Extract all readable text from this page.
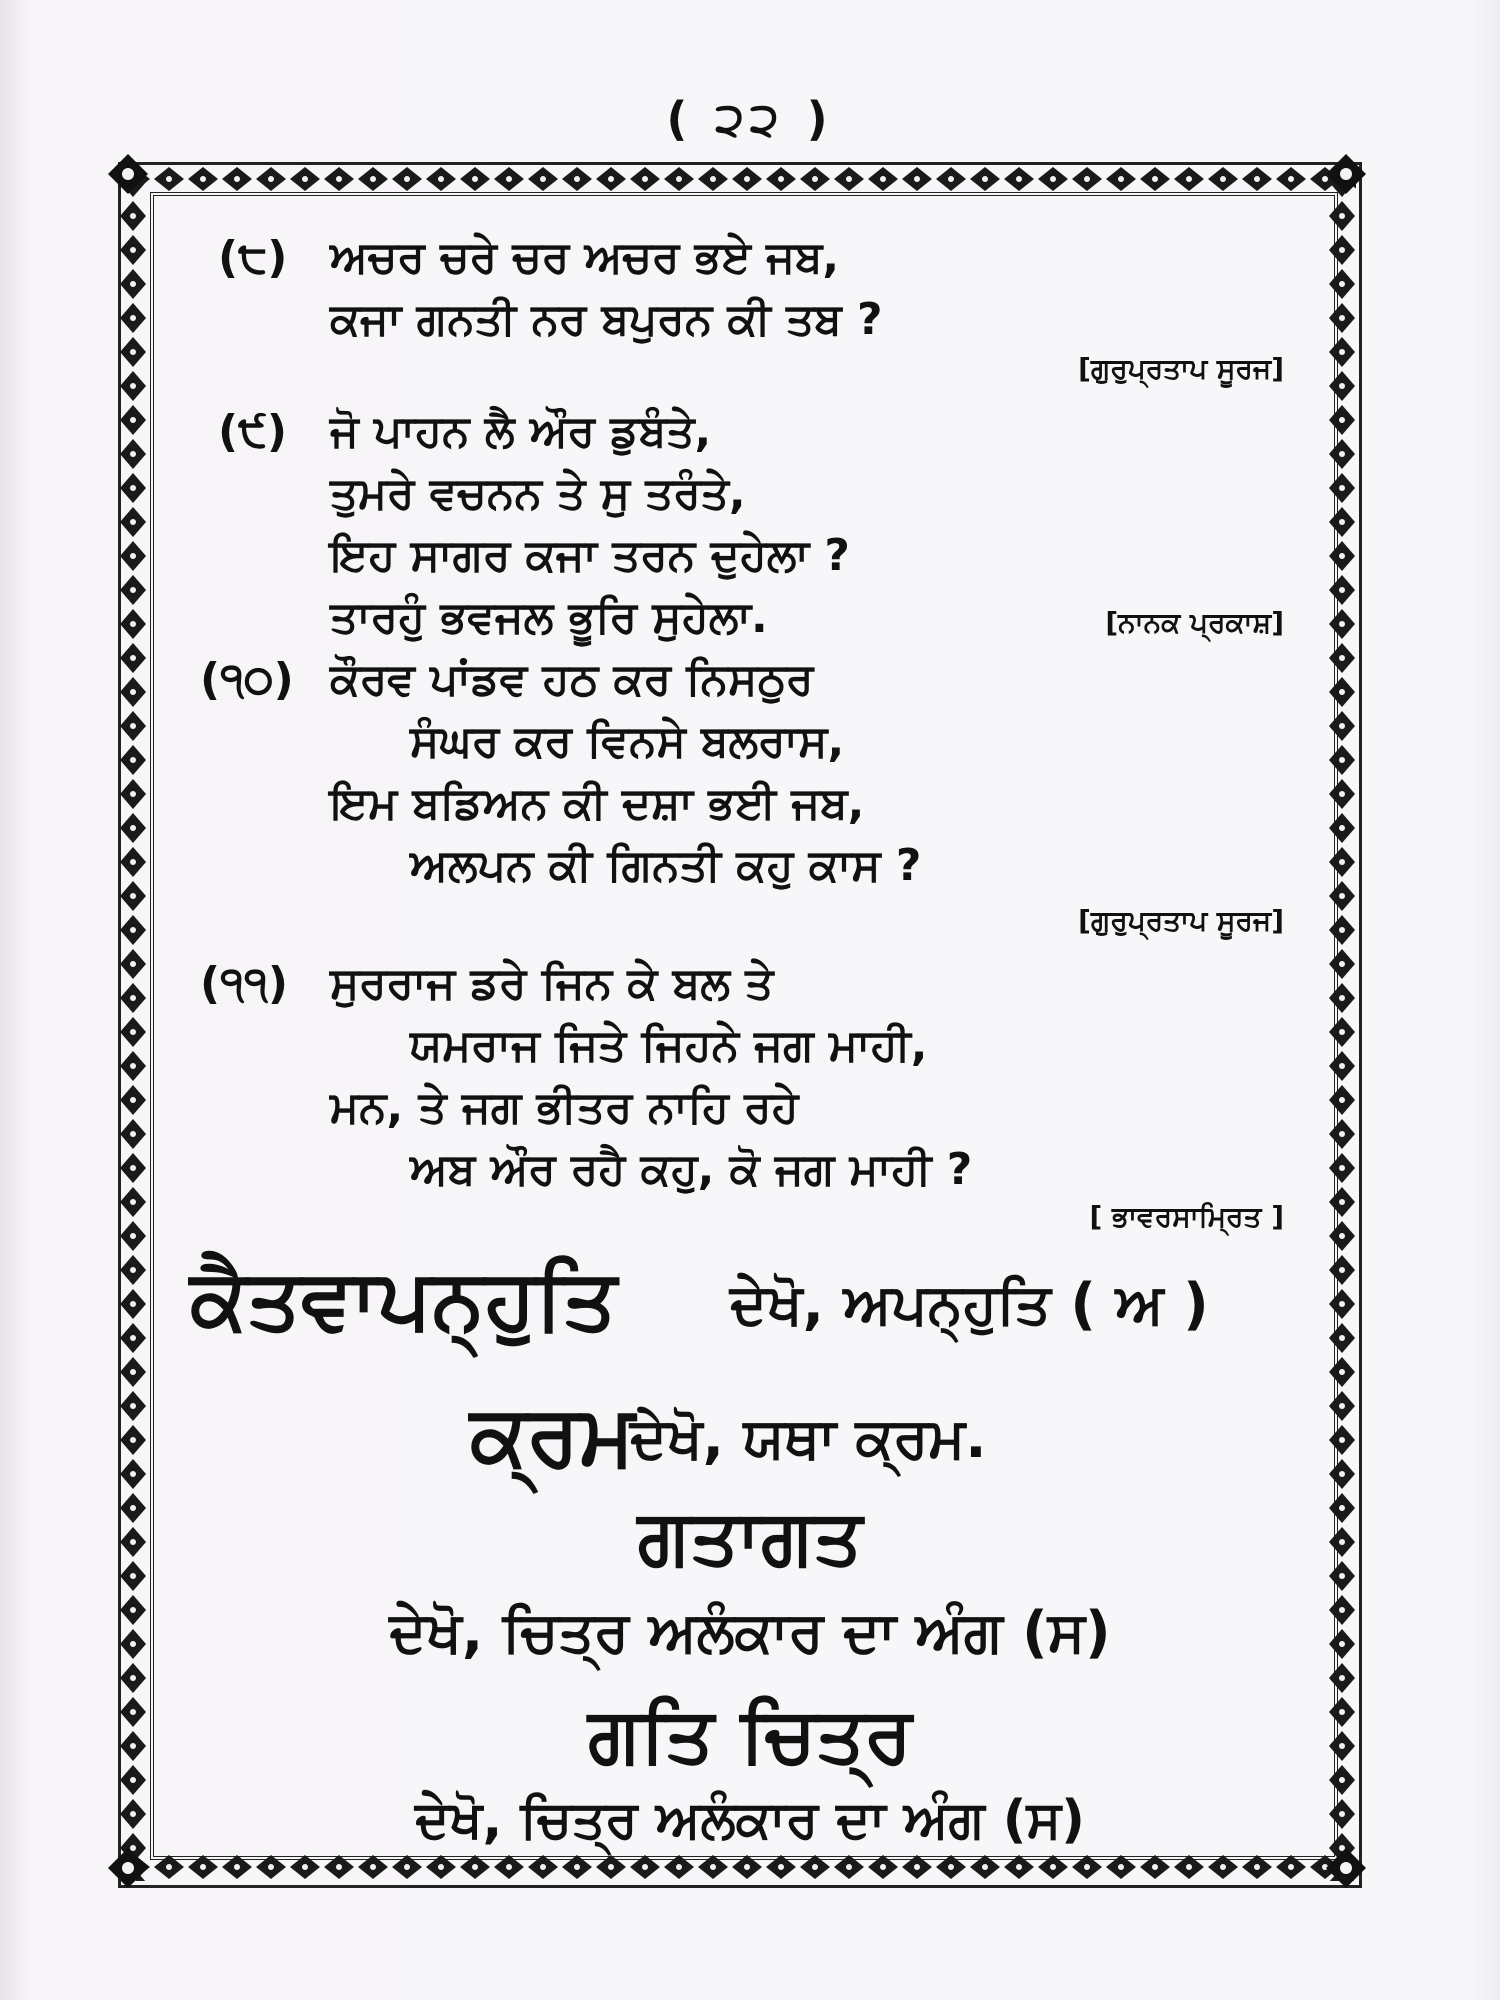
( ੨੨ )
(੮) ਅਚਰ ਚਰੇ ਚਰ ਅਚਰ ਭਏ ਜਬ,
ਕਜਾ ਗਨਤੀ ਨਰ ਬਪੁਰਨ ਕੀ ਤਬ ?
[ਗੁਰੁਪ੍ਰਤਾਪ ਸੂਰਜ]
(੯) ਜੋ ਪਾਹਨ ਲੈ ਔਰ ਡੁਬੰਤੇ,
ਤੁਮਰੇ ਵਚਨਨ ਤੇ ਸੁ ਤਰੰਤੇ,
ਇਹ ਸਾਗਰ ਕਜਾ ਤਰਨ ਦੁਹੇਲਾ ?
ਤਾਰਹੁੰ ਭਵਜਲ ਭੂਰਿ ਸੁਹੇਲਾ.	[ਨਾਨਕ ਪ੍ਰਕਾਸ਼]
(੧੦) ਕੌਰਵ ਪਾਂਡਵ ਹਠ ਕਰ ਨਿਸਠੁਰ
ਸੰਘਰ ਕਰ ਵਿਨਸੇ ਬਲਰਾਸ,
ਇਮ ਬਡਿਅਨ ਕੀ ਦਸ਼ਾ ਭਈ ਜਬ,
ਅਲਪਨ ਕੀ ਗਿਨਤੀ ਕਹੁ ਕਾਸ ?
[ਗੁਰੁਪ੍ਰਤਾਪ ਸੂਰਜ]
(੧੧) ਸੁਰਰਾਜ ਡਰੇ ਜਿਨ ਕੇ ਬਲ ਤੇ
ਯਮਰਾਜ ਜਿਤੇ ਜਿਹਨੇ ਜਗ ਮਾਹੀ,
ਮਨ, ਤੇ ਜਗ ਭੀਤਰ ਨਾਹਿ ਰਹੇ
ਅਬ ਔਰ ਰਹੈ ਕਹੁ, ਕੋ ਜਗ ਮਾਹੀ ?
[ ਭਾਵਰਸਾਮ੍ਰਿਤ ]
ਕੈਤਵਾਪਨ੍ਹੁਤਿ ਦੇਖੋ, ਅਪਨ੍ਹੁਤਿ ( ਅ )
ਕ੍ਰਮ
ਦੇਖੋ, ਯਥਾ ਕ੍ਰਮ.
ਗਤਾਗਤ
ਦੇਖੋ, ਚਿਤ੍ਰ ਅਲੰਕਾਰ ਦਾ ਅੰਗ (ਸ)
ਗਤਿ ਚਿਤ੍ਰ
ਦੇਖੋ, ਚਿਤ੍ਰ ਅਲੰਕਾਰ ਦਾ ਅੰਗ (ਸ)
